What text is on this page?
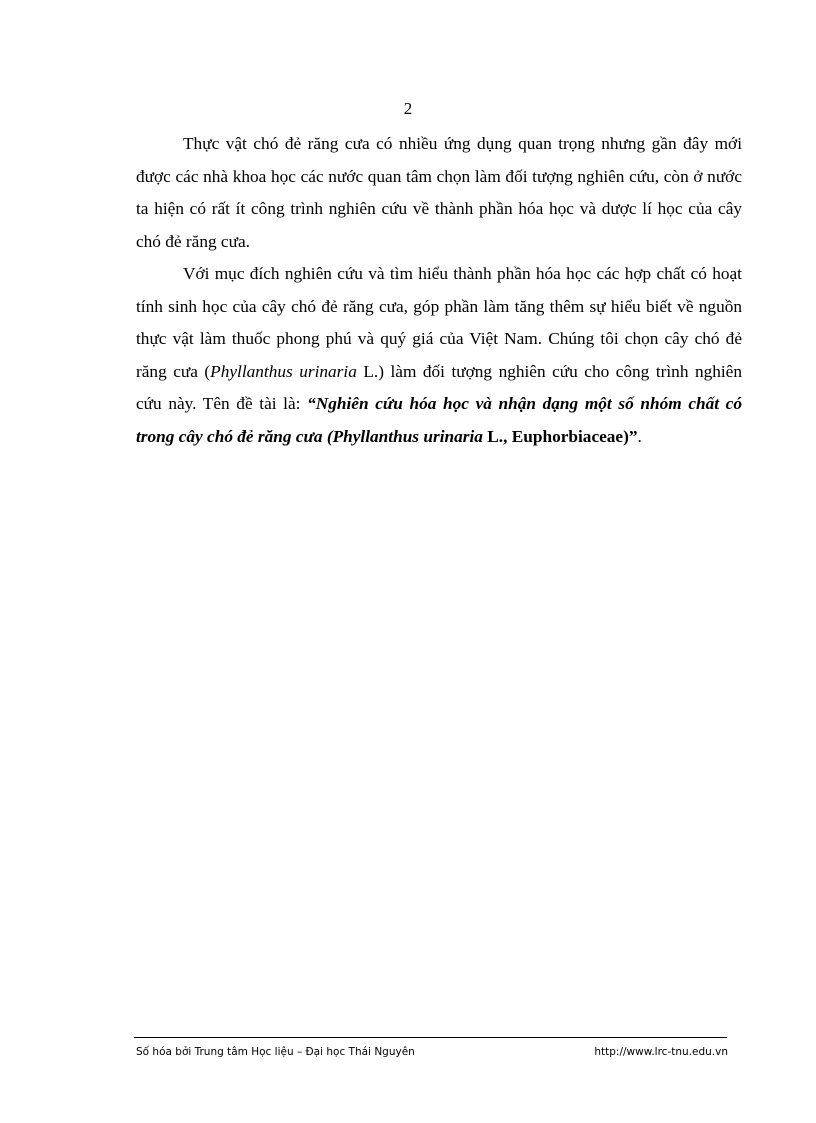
2

Thực vật chó đẻ răng cưa có nhiều ứng dụng quan trọng nhưng gần đây mới được các nhà khoa học các nước quan tâm chọn làm đối tượng nghiên cứu, còn ở nước ta hiện có rất ít công trình nghiên cứu về thành phần hóa học và dược lí học của cây chó đẻ răng cưa.

Với mục đích nghiên cứu và tìm hiểu thành phần hóa học các hợp chất có hoạt tính sinh học của cây chó đẻ răng cưa, góp phần làm tăng thêm sự hiểu biết về nguồn thực vật làm thuốc phong phú và quý giá của Việt Nam. Chúng tôi chọn cây chó đẻ răng cưa (Phyllanthus urinaria L.) làm đối tượng nghiên cứu cho công trình nghiên cứu này. Tên đề tài là: “Nghiên cứu hóa học và nhận dạng một số nhóm chất có trong cây chó đẻ răng cưa (Phyllanthus urinaria L., Euphorbiaceae)”.

Số hóa bởi Trung tâm Học liệu – Đại học Thái Nguyên	http://www.lrc-tnu.edu.vn
